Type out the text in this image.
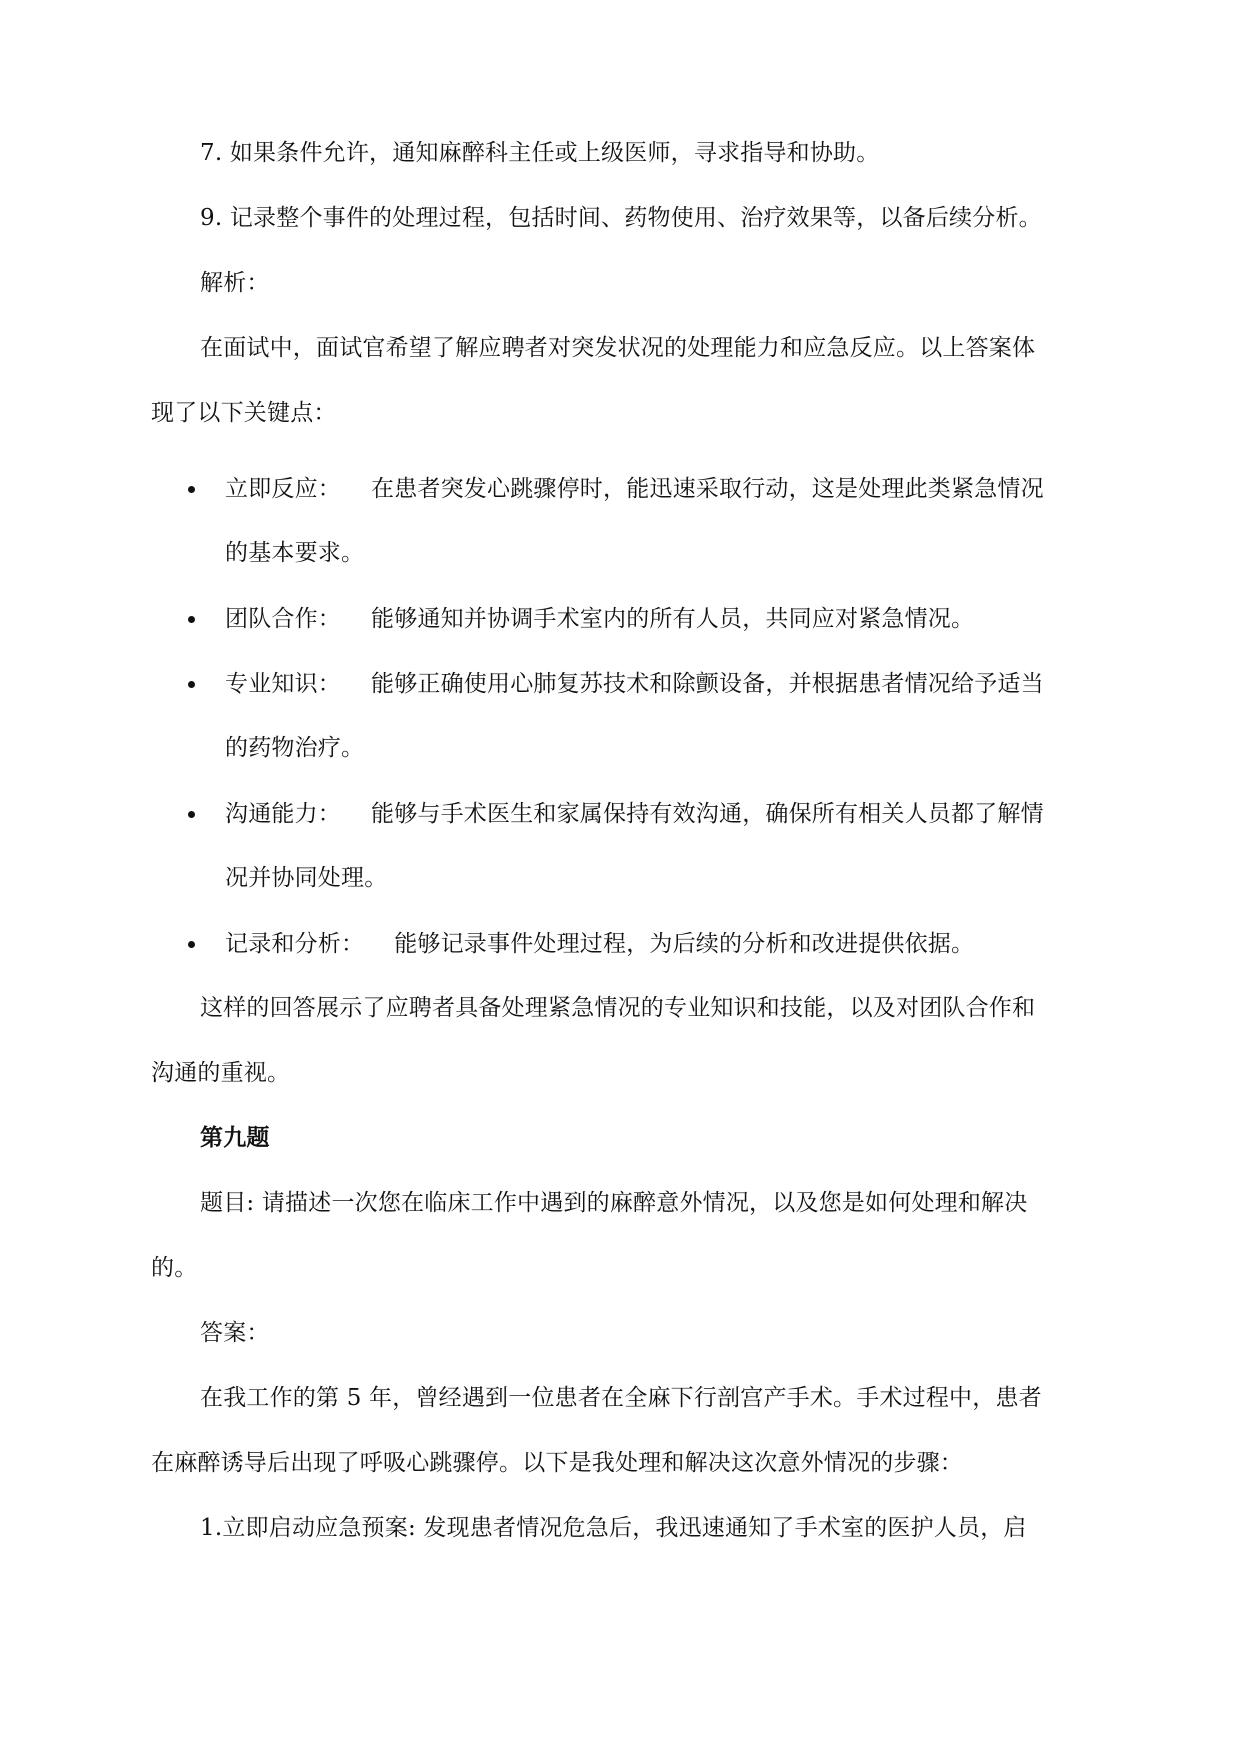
7. 如果条件允许，通知麻醉科主任或上级医师，寻求指导和协助。
9. 记录整个事件的处理过程，包括时间、药物使用、治疗效果等，以备后续分析。
解析：
在面试中，面试官希望了解应聘者对突发状况的处理能力和应急反应。以上答案体
现了以下关键点：
立即反应： 在患者突发心跳骤停时，能迅速采取行动，这是处理此类紧急情况
的基本要求。
团队合作： 能够通知并协调手术室内的所有人员，共同应对紧急情况。
专业知识： 能够正确使用心肺复苏技术和除颤设备，并根据患者情况给予适当
的药物治疗。
沟通能力： 能够与手术医生和家属保持有效沟通，确保所有相关人员都了解情
况并协同处理。
记录和分析： 能够记录事件处理过程，为后续的分析和改进提供依据。
这样的回答展示了应聘者具备处理紧急情况的专业知识和技能，以及对团队合作和
沟通的重视。
第九题
题目: 请描述一次您在临床工作中遇到的麻醉意外情况，以及您是如何处理和解决
的。
答案：
在我工作的第 5 年，曾经遇到一位患者在全麻下行剖宫产手术。手术过程中，患者
在麻醉诱导后出现了呼吸心跳骤停。以下是我处理和解决这次意外情况的步骤：
1.立即启动应急预案: 发现患者情况危急后，我迅速通知了手术室的医护人员，启
